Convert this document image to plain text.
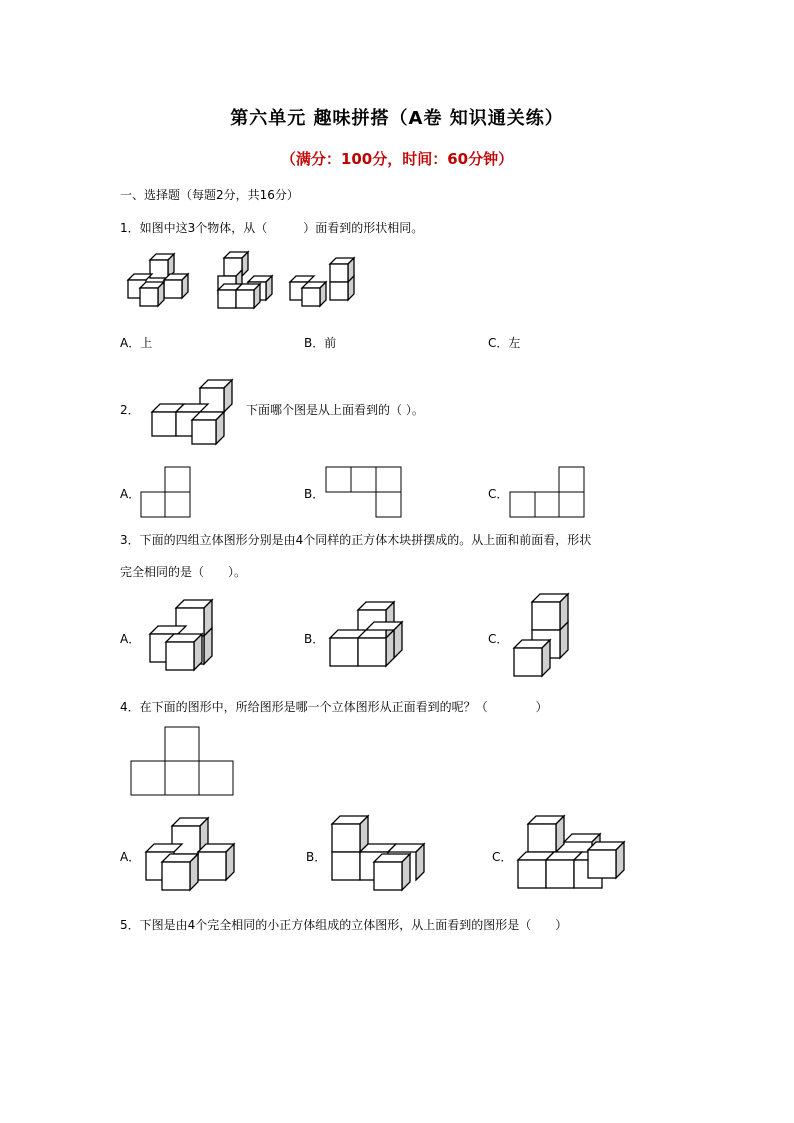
第六单元 趣味拼搭（A卷 知识通关练）
（满分：100分，时间：60分钟）
一、选择题（每题2分，共16分）
1．如图中这3个物体，从（　　　）面看到的形状相同。
A．上	B．前	C．左
2．	下面哪个图是从上面看到的（ ）。
A．	B．	C．
3．下面的四组立体图形分别是由4个同样的正方体木块拼摆成的。从上面和前面看，形状
完全相同的是（　　）。
A．	B．	C．
4．在下面的图形中，所给图形是哪一个立体图形从正面看到的呢？（　　　　）
A．	B．	C．
5．下图是由4个完全相同的小正方体组成的立体图形，从上面看到的图形是（　　）
